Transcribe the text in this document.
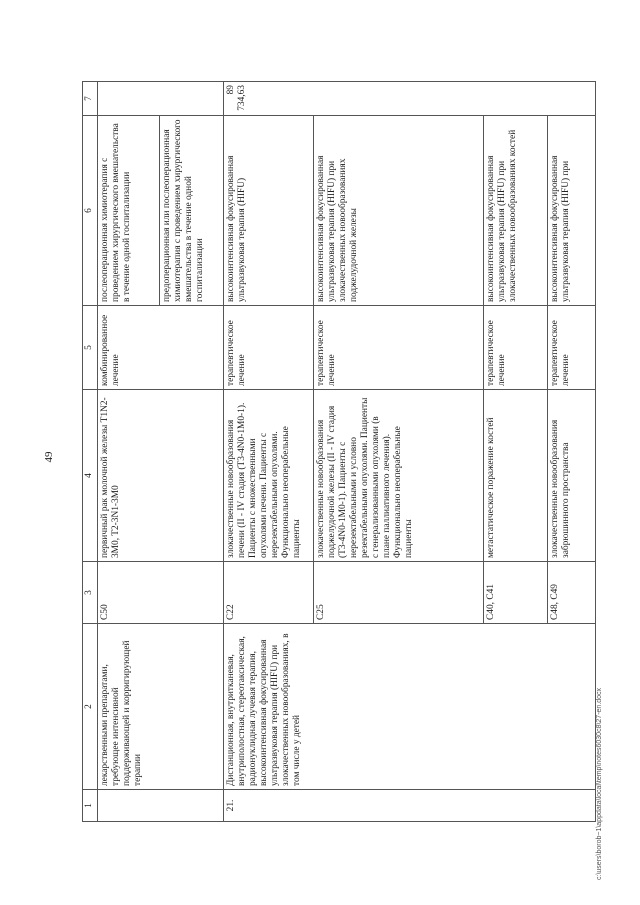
49
1	2	3	4	5	6	7
	лекарственными препаратами, требующее интенсивной поддерживающей и корригирующей терапии	C50	первичный рак молочной железы T1N2-3M0, T2-3N1-3M0	комбинированное лечение	послеоперационная химиотерапия с проведением хирургического вмешательства в течение одной госпитализации	
					предоперационная или послеоперационная химиотерапия с проведением хирургического вмешательства в течение одной госпитализации	
21.	Дистанционная, внутритканевая, внутриполостная, стереотаксическая, радионуклидная лучевая терапия, высокоинтенсивная фокусированная ультразвуковая терапия (HIFU) при злокачественных новообразованиях, в том числе у детей	C22	злокачественные новообразования печени (II - IV стадия (T3-4N0-1M0-1). Пациенты с множественными опухолями печени. Пациенты с нерезектабельными опухолями. Функционально неоперабельные пациенты	терапевтическое лечение	высокоинтенсивная фокусированная ультразвуковая терапия (HIFU)	89 734,63
		C25	злокачественные новообразования поджелудочной железы (II - IV стадия (T3-4N0-1M0-1). Пациенты с нерезектабельными и условно резектабельными опухолями. Пациенты с генерализованными опухолями (в плане паллиативного лечения). Функционально неоперабельные пациенты	терапевтическое лечение	высокоинтенсивная фокусированная ультразвуковая терапия (HIFU) при злокачественных новообразованиях поджелудочной железы	
		C40, C41	метастатическое поражение костей	терапевтическое лечение	высокоинтенсивная фокусированная ультразвуковая терапия (HIFU) при злокачественных новообразованиях костей	
		C48, C49	злокачественные новообразования забрюшинного пространства	терапевтическое лечение	высокоинтенсивная фокусированная ультразвуковая терапия (HIFU) при	
c:\users\borob~1\appdata\local\temp\notes6030c8\27-en.docx
